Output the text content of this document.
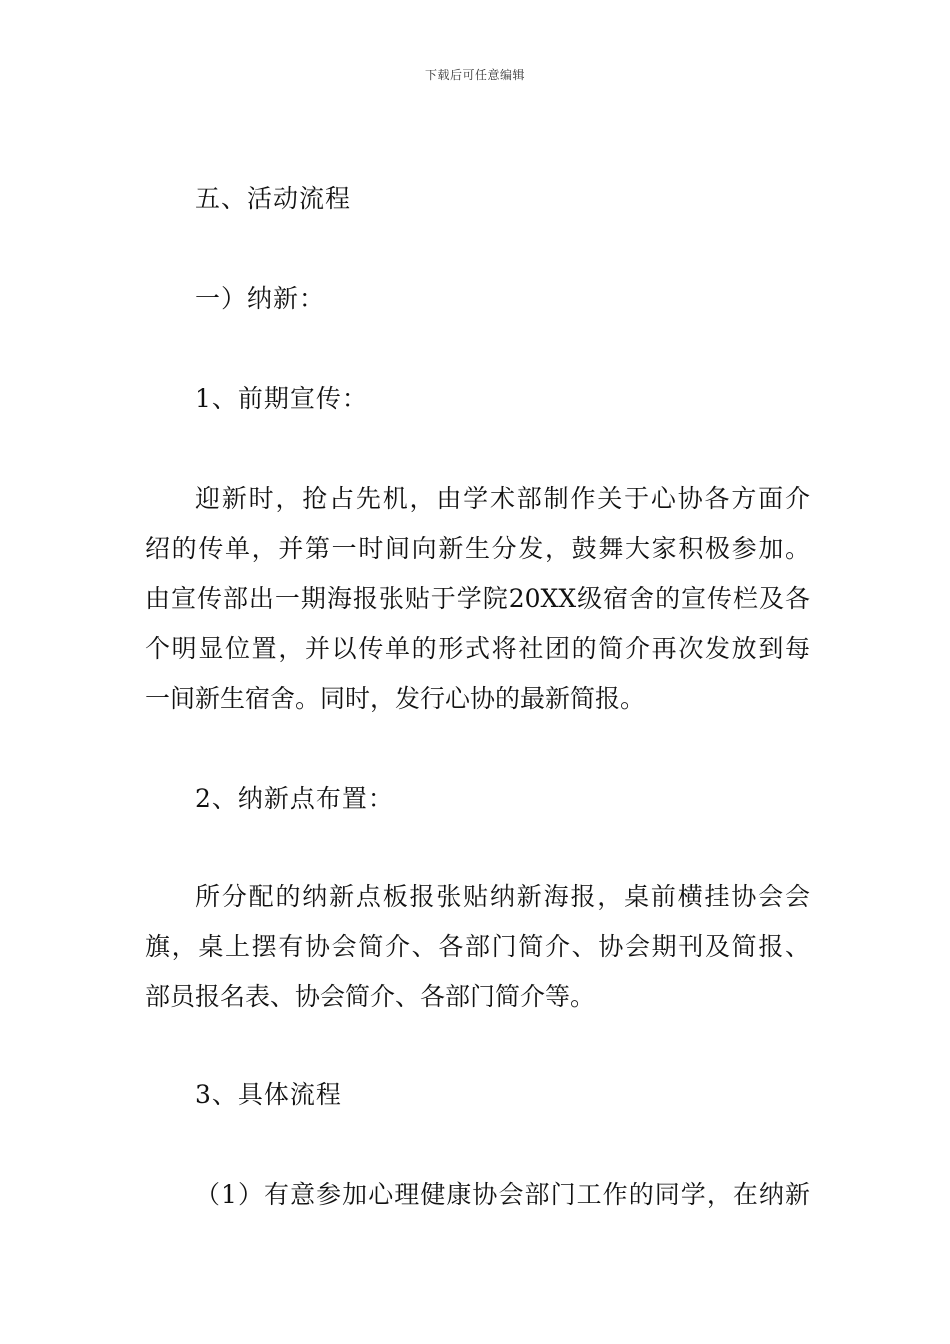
下载后可任意编辑
五、活动流程
一）纳新：
1、前期宣传：
迎新时，抢占先机，由学术部制作关于心协各方面介
绍的传单，并第一时间向新生分发，鼓舞大家积极参加。
由宣传部出一期海报张贴于学院20XX级宿舍的宣传栏及各
个明显位置，并以传单的形式将社团的简介再次发放到每
一间新生宿舍。同时，发行心协的最新简报。
2、纳新点布置：
所分配的纳新点板报张贴纳新海报，桌前横挂协会会
旗，桌上摆有协会简介、各部门简介、协会期刊及简报、
部员报名表、协会简介、各部门简介等。
3、具体流程
（1）有意参加心理健康协会部门工作的同学，在纳新
